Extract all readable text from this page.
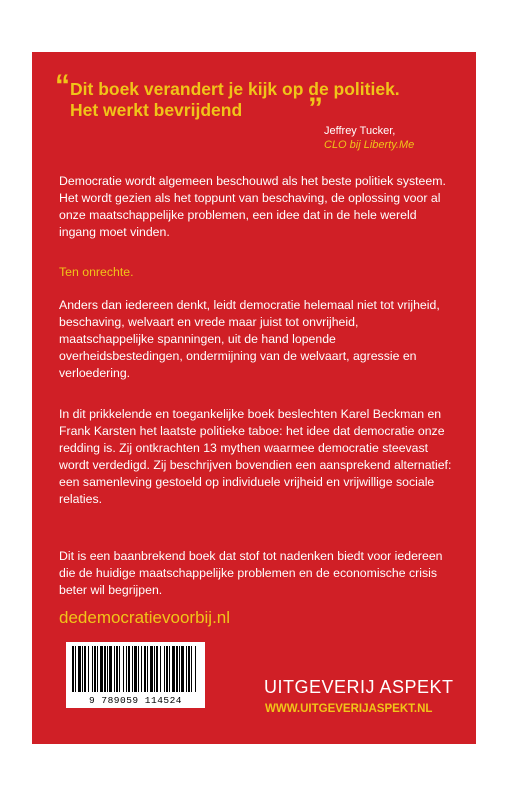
“ Dit boek verandert je kijk op de politiek.
Het werkt bevrijdend	”
Jeffrey Tucker,
CLO bij Liberty.Me
Democratie wordt algemeen beschouwd als het beste politiek systeem. Het wordt gezien als het toppunt van beschaving, de oplossing voor al onze maatschappelijke problemen, een idee dat in de hele wereld ingang moet vinden.
Ten onrechte.
Anders dan iedereen denkt, leidt democratie helemaal niet tot vrijheid, beschaving, welvaart en vrede maar juist tot onvrijheid, maatschappelijke spanningen, uit de hand lopende overheidsbestedingen, ondermijning van de welvaart, agressie en verloedering.
In dit prikkelende en toegankelijke boek beslechten Karel Beckman en Frank Karsten het laatste politieke taboe: het idee dat democratie onze redding is. Zij ontkrachten 13 mythen waarmee democratie steevast wordt verdedigd. Zij beschrijven bovendien een aansprekend alternatief: een samenleving gestoeld op individuele vrijheid en vrijwillige sociale relaties.
Dit is een baanbrekend boek dat stof tot nadenken biedt voor iedereen die de huidige maatschappelijke problemen en de economische crisis beter wil begrijpen.
dedemocratievoorbij.nl
9 789059 114524
UITGEVERIJ ASPEKT
WWW.UITGEVERIJASPEKT.NL
